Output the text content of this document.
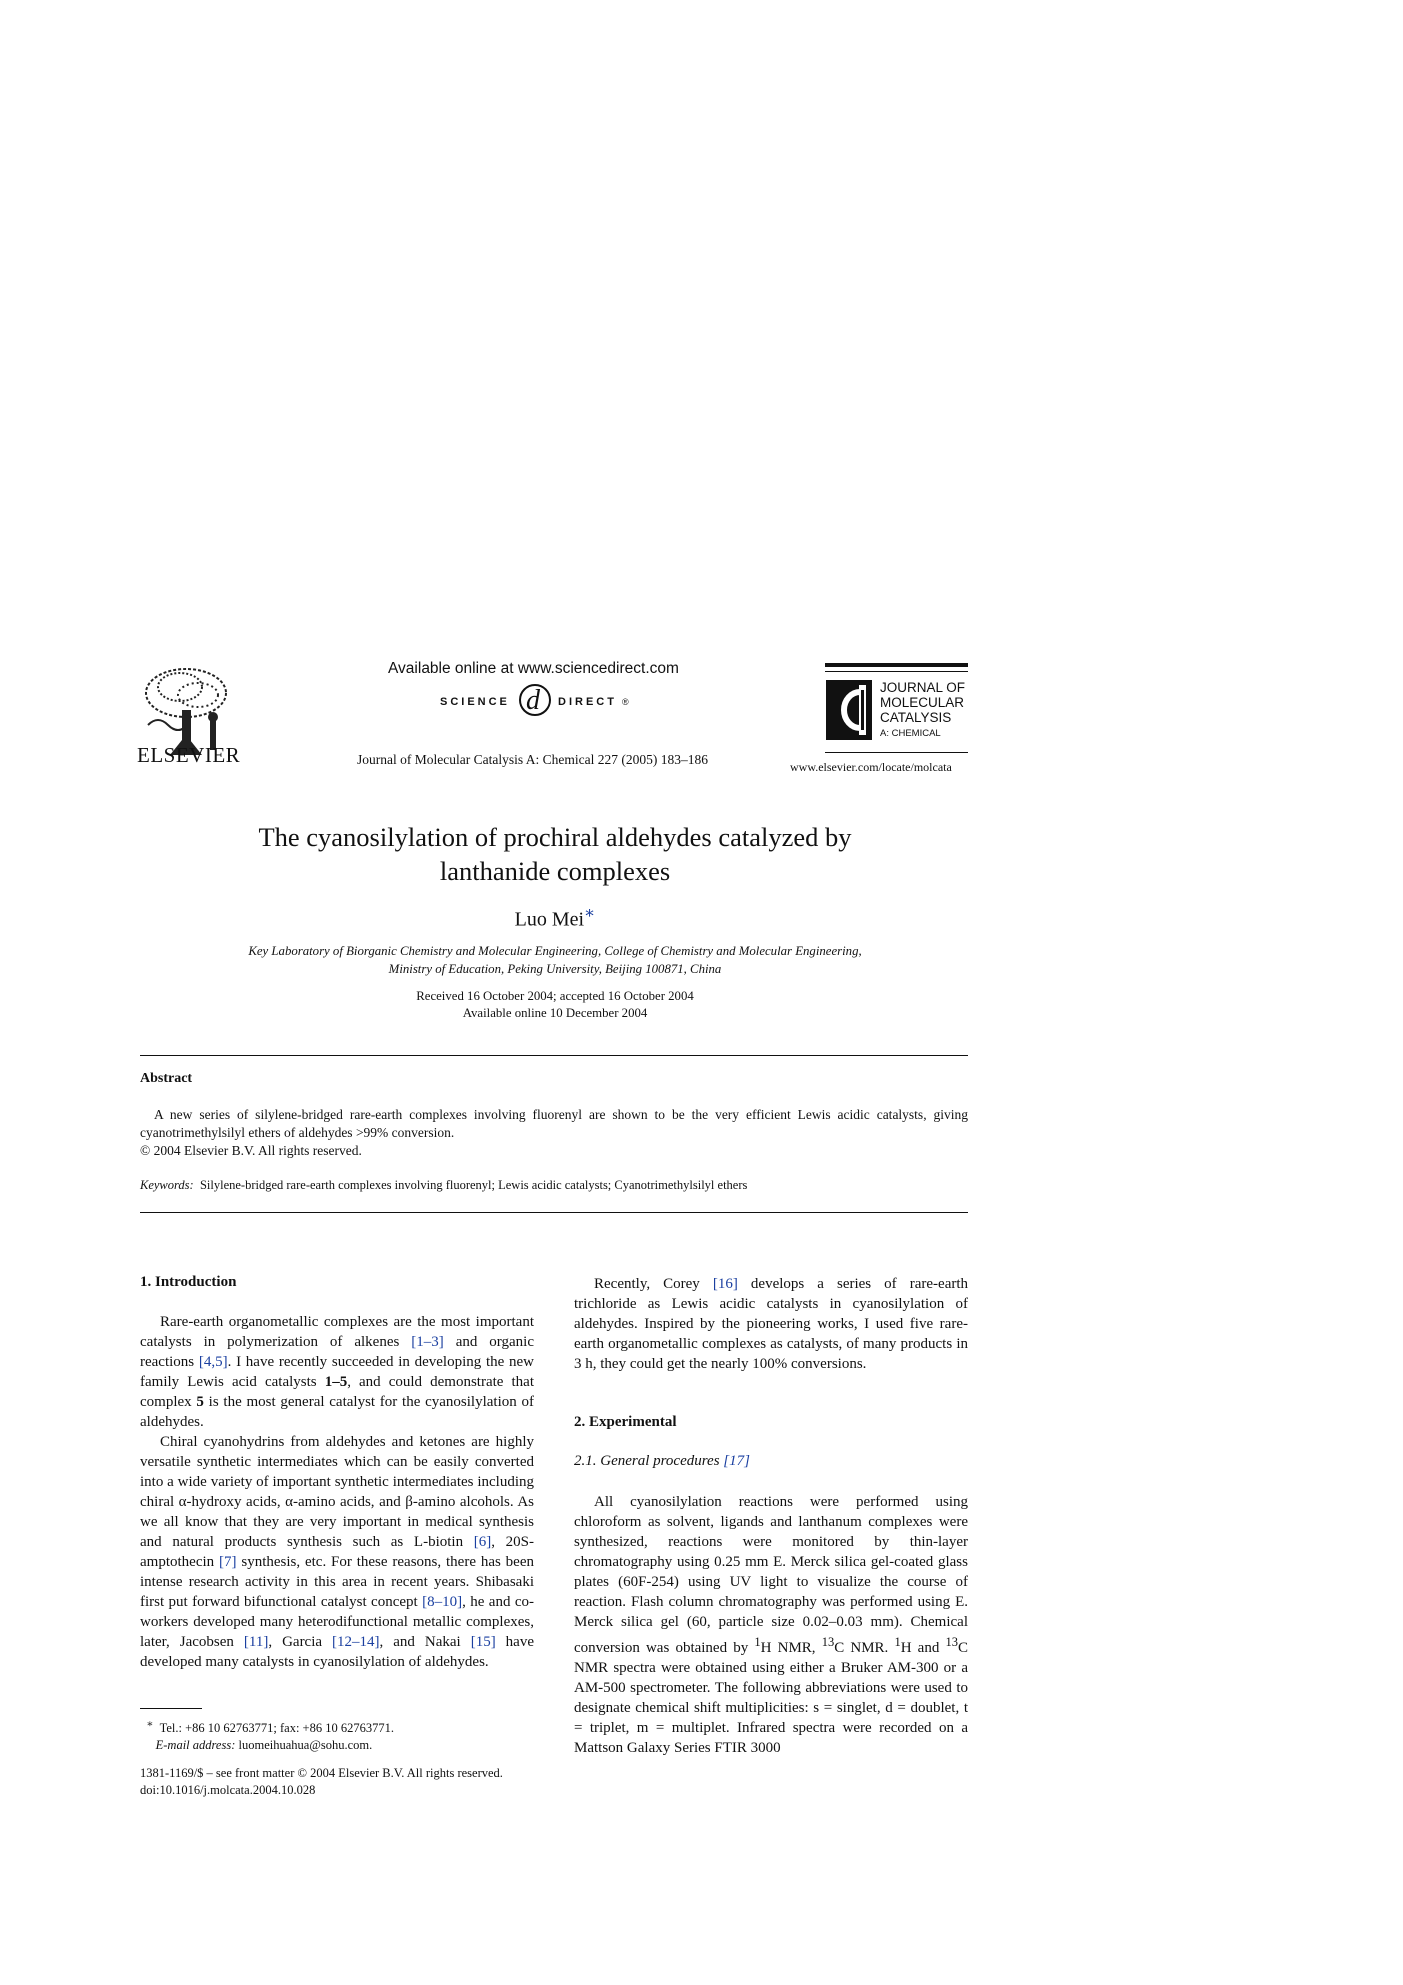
ELSEVIER
Available online at www.sciencedirect.com
SCIENCE d DIRECT ®
Journal of Molecular Catalysis A: Chemical 227 (2005) 183–186
JOURNAL OF
MOLECULAR
CATALYSIS
A: CHEMICAL
www.elsevier.com/locate/molcata
The cyanosilylation of prochiral aldehydes catalyzed by
lanthanide complexes
Luo Mei∗
Key Laboratory of Biorganic Chemistry and Molecular Engineering, College of Chemistry and Molecular Engineering,
Ministry of Education, Peking University, Beijing 100871, China
Received 16 October 2004; accepted 16 October 2004
Available online 10 December 2004
Abstract
A new series of silylene-bridged rare-earth complexes involving fluorenyl are shown to be the very efficient Lewis acidic catalysts, giving cyanotrimethylsilyl ethers of aldehydes >99% conversion.
© 2004 Elsevier B.V. All rights reserved.
Keywords: Silylene-bridged rare-earth complexes involving fluorenyl; Lewis acidic catalysts; Cyanotrimethylsilyl ethers
1. Introduction

Rare-earth organometallic complexes are the most important catalysts in polymerization of alkenes [1–3] and organic reactions [4,5]. I have recently succeeded in developing the new family Lewis acid catalysts 1–5, and could demonstrate that complex 5 is the most general catalyst for the cyanosilylation of aldehydes.

Chiral cyanohydrins from aldehydes and ketones are highly versatile synthetic intermediates which can be easily converted into a wide variety of important synthetic intermediates including chiral α-hydroxy acids, α-amino acids, and β-amino alcohols. As we all know that they are very important in medical synthesis and natural products synthesis such as L-biotin [6], 20S-amptothecin [7] synthesis, etc. For these reasons, there has been intense research activity in this area in recent years. Shibasaki first put forward bifunctional catalyst concept [8–10], he and co-workers developed many heterodifunctional metallic complexes, later, Jacobsen [11], Garcia [12–14], and Nakai [15] have developed many catalysts in cyanosilylation of aldehydes.

Recently, Corey [16] develops a series of rare-earth trichloride as Lewis acidic catalysts in cyanosilylation of aldehydes. Inspired by the pioneering works, I used five rare-earth organometallic complexes as catalysts, of many products in 3 h, they could get the nearly 100% conversions.

2. Experimental
2.1. General procedures [17]

All cyanosilylation reactions were performed using chloroform as solvent, ligands and lanthanum complexes were synthesized, reactions were monitored by thin-layer chromatography using 0.25 mm E. Merck silica gel-coated glass plates (60F-254) using UV light to visualize the course of reaction. Flash column chromatography was performed using E. Merck silica gel (60, particle size 0.02–0.03 mm). Chemical conversion was obtained by $^1$H NMR, $^{13}$C NMR. $^1$H and $^{13}$C NMR spectra were obtained using either a Bruker AM-300 or a AM-500 spectrometer. The following abbreviations were used to designate chemical shift multiplicities: s = singlet, d = doublet, t = triplet, m = multiplet. Infrared spectra were recorded on a Mattson Galaxy Series FTIR 3000

∗ Tel.: +86 10 62763771; fax: +86 10 62763771.
E-mail address: luomeihuahua@sohu.com.
1381-1169/$ – see front matter © 2004 Elsevier B.V. All rights reserved.
doi:10.1016/j.molcata.2004.10.028
